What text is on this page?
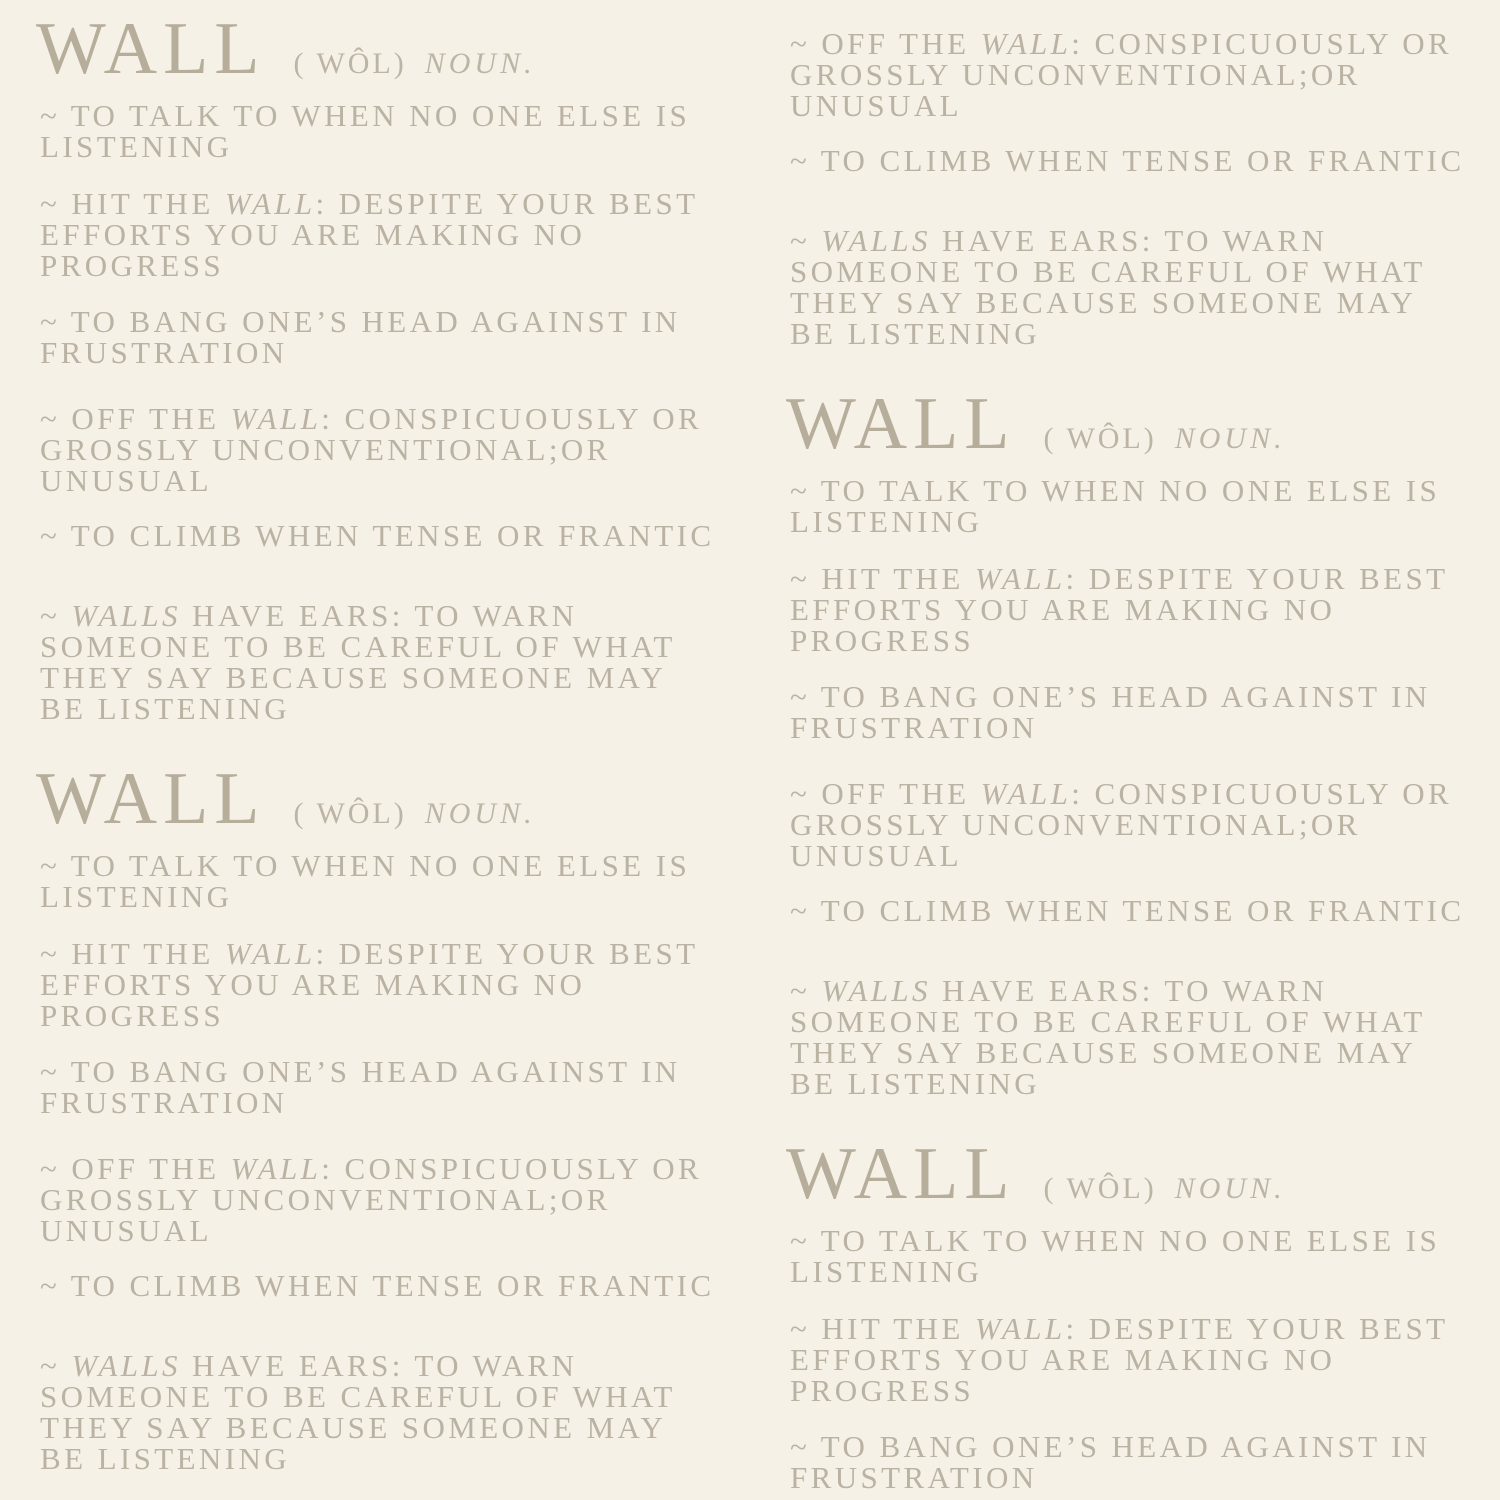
WALL ( WÔL) NOUN.
~ TO TALK TO WHEN NO ONE ELSE IS LISTENING
~ HIT THE WALL: DESPITE YOUR BEST EFFORTS YOU ARE MAKING NO PROGRESS
~ TO BANG ONE’S HEAD AGAINST IN FRUSTRATION
~ OFF THE WALL: CONSPICUOUSLY OR GROSSLY UNCONVENTIONAL;OR UNUSUAL
~ TO CLIMB WHEN TENSE OR FRANTIC
~ WALLS HAVE EARS: TO WARN SOMEONE TO BE CAREFUL OF WHAT THEY SAY BECAUSE SOMEONE MAY BE LISTENING
WALL ( WÔL) NOUN.
~ TO TALK TO WHEN NO ONE ELSE IS LISTENING
~ HIT THE WALL: DESPITE YOUR BEST EFFORTS YOU ARE MAKING NO PROGRESS
~ TO BANG ONE’S HEAD AGAINST IN FRUSTRATION
~ OFF THE WALL: CONSPICUOUSLY OR GROSSLY UNCONVENTIONAL;OR UNUSUAL
~ TO CLIMB WHEN TENSE OR FRANTIC
~ WALLS HAVE EARS: TO WARN SOMEONE TO BE CAREFUL OF WHAT THEY SAY BECAUSE SOMEONE MAY BE LISTENING
~ OFF THE WALL: CONSPICUOUSLY OR GROSSLY UNCONVENTIONAL;OR UNUSUAL
~ TO CLIMB WHEN TENSE OR FRANTIC
~ WALLS HAVE EARS: TO WARN SOMEONE TO BE CAREFUL OF WHAT THEY SAY BECAUSE SOMEONE MAY BE LISTENING
WALL ( WÔL) NOUN.
~ TO TALK TO WHEN NO ONE ELSE IS LISTENING
~ HIT THE WALL: DESPITE YOUR BEST EFFORTS YOU ARE MAKING NO PROGRESS
~ TO BANG ONE’S HEAD AGAINST IN FRUSTRATION
~ OFF THE WALL: CONSPICUOUSLY OR GROSSLY UNCONVENTIONAL;OR UNUSUAL
~ TO CLIMB WHEN TENSE OR FRANTIC
~ WALLS HAVE EARS: TO WARN SOMEONE TO BE CAREFUL OF WHAT THEY SAY BECAUSE SOMEONE MAY BE LISTENING
WALL ( WÔL) NOUN.
~ TO TALK TO WHEN NO ONE ELSE IS LISTENING
~ HIT THE WALL: DESPITE YOUR BEST EFFORTS YOU ARE MAKING NO PROGRESS
~ TO BANG ONE’S HEAD AGAINST IN FRUSTRATION
